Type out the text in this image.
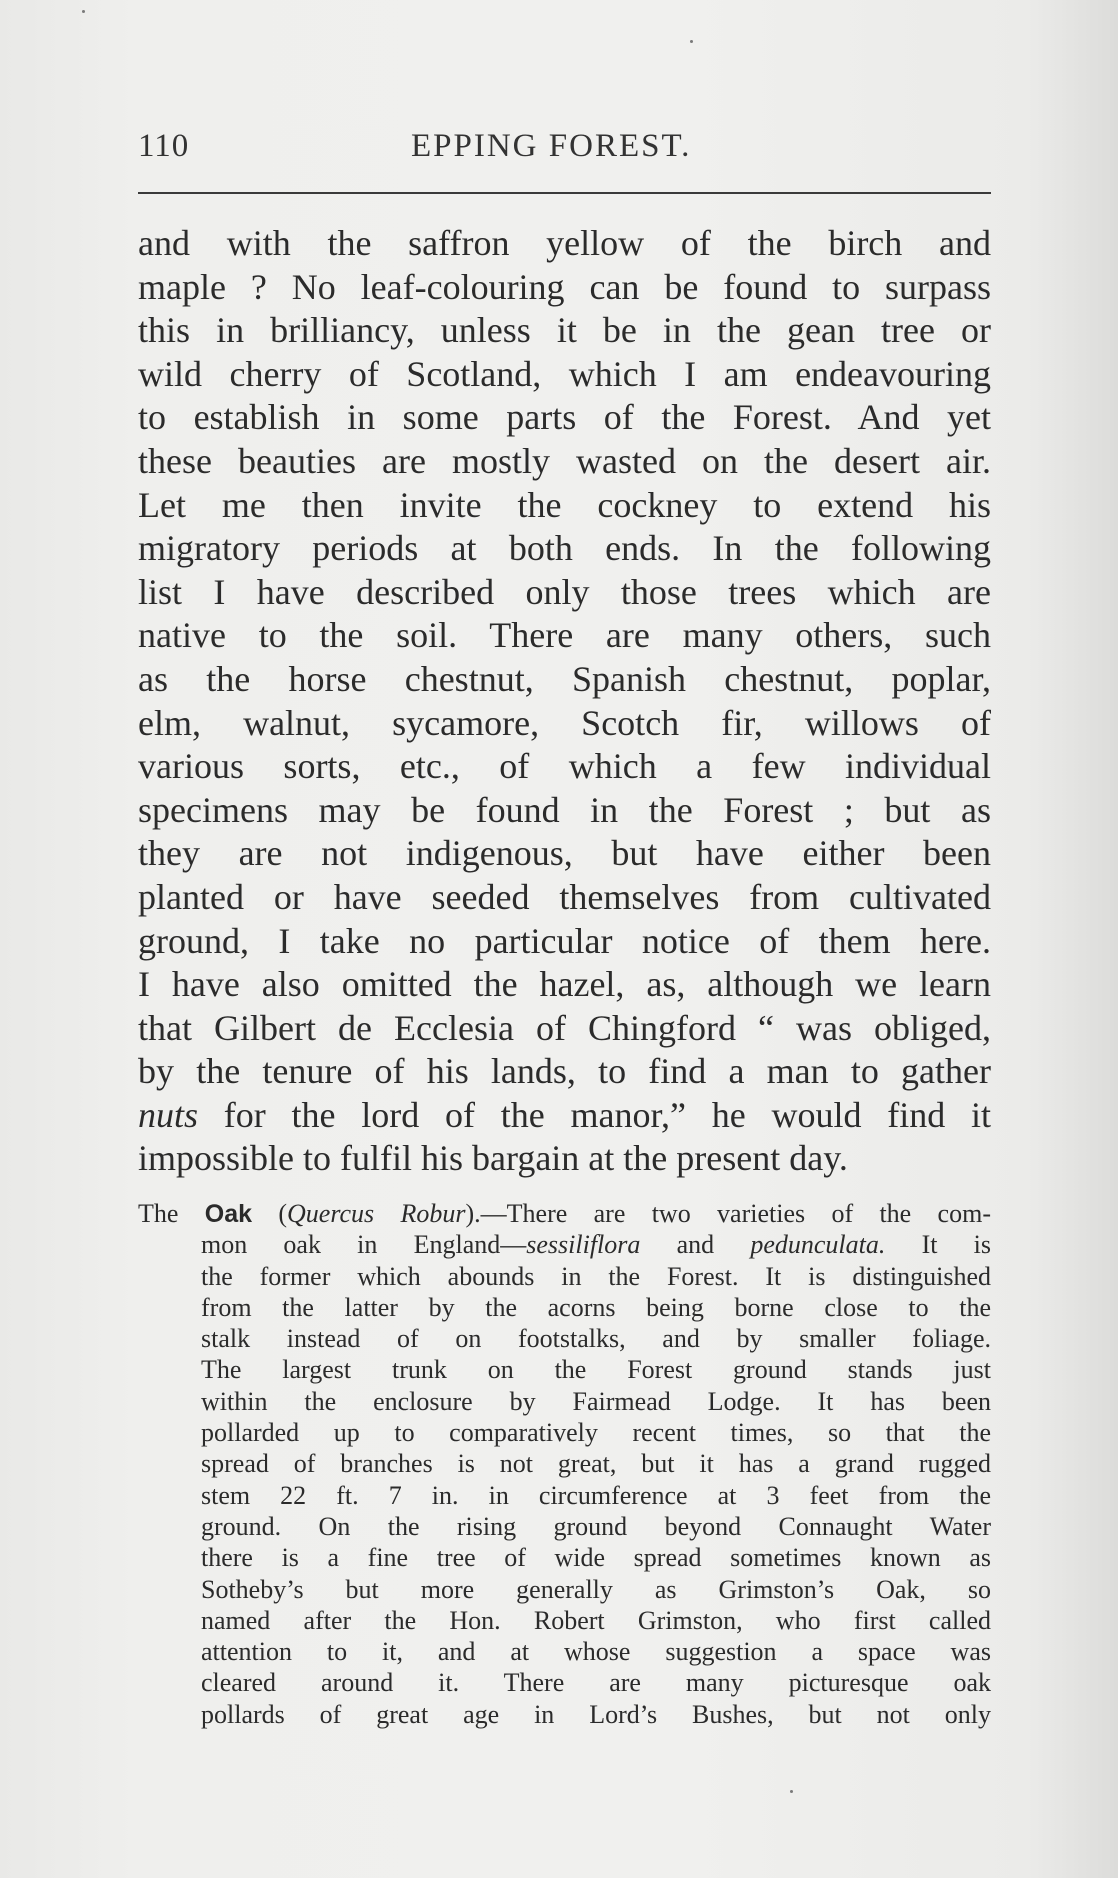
110	EPPING FOREST.
and with the saffron yellow of the birch and
maple ? No leaf-colouring can be found to surpass
this in brilliancy, unless it be in the gean tree or
wild cherry of Scotland, which I am endeavouring
to establish in some parts of the Forest. And yet
these beauties are mostly wasted on the desert air.
Let me then invite the cockney to extend his
migratory periods at both ends. In the following
list I have described only those trees which are
native to the soil. There are many others, such
as the horse chestnut, Spanish chestnut, poplar,
elm, walnut, sycamore, Scotch fir, willows of
various sorts, etc., of which a few individual
specimens may be found in the Forest ; but as
they are not indigenous, but have either been
planted or have seeded themselves from cultivated
ground, I take no particular notice of them here.
I have also omitted the hazel, as, although we learn
that Gilbert de Ecclesia of Chingford “ was obliged,
by the tenure of his lands, to find a man to gather
nuts for the lord of the manor,” he would find it
impossible to fulfil his bargain at the present day.
The Oak (Quercus Robur).—There are two varieties of the com-
mon oak in England—sessiliflora and pedunculata. It is
the former which abounds in the Forest. It is distinguished
from the latter by the acorns being borne close to the
stalk instead of on footstalks, and by smaller foliage.
The largest trunk on the Forest ground stands just
within the enclosure by Fairmead Lodge. It has been
pollarded up to comparatively recent times, so that the
spread of branches is not great, but it has a grand rugged
stem 22 ft. 7 in. in circumference at 3 feet from the
ground. On the rising ground beyond Connaught Water
there is a fine tree of wide spread sometimes known as
Sotheby’s but more generally as Grimston’s Oak, so
named after the Hon. Robert Grimston, who first called
attention to it, and at whose suggestion a space was
cleared around it. There are many picturesque oak
pollards of great age in Lord’s Bushes, but not only
